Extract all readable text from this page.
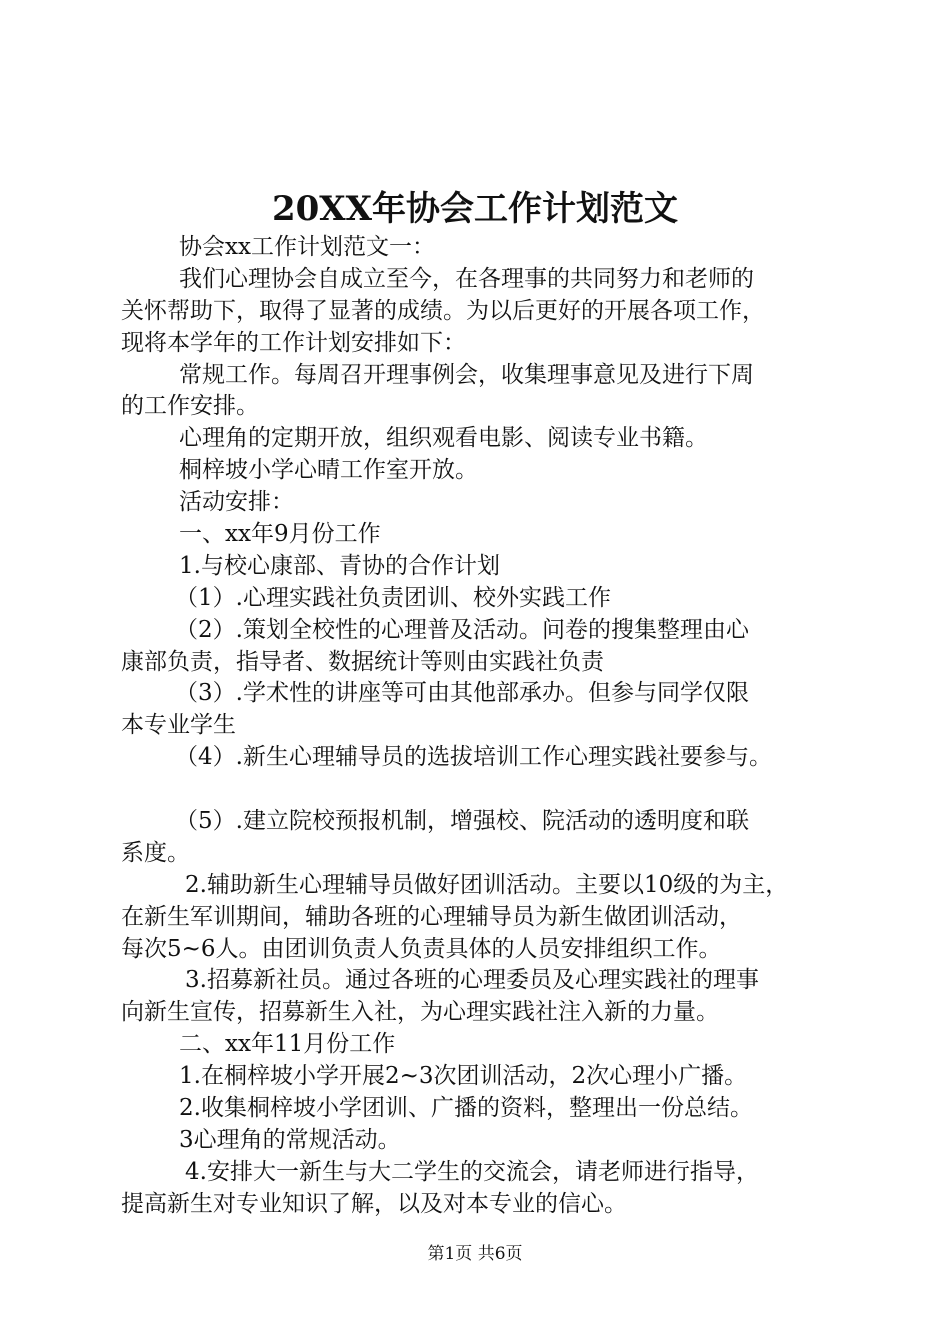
20XX年协会工作计划范文
协会xx工作计划范文一：
我们心理协会自成立至今，在各理事的共同努力和老师的
关怀帮助下，取得了显著的成绩。为以后更好的开展各项工作，
现将本学年的工作计划安排如下：
常规工作。每周召开理事例会，收集理事意见及进行下周
的工作安排。
心理角的定期开放，组织观看电影、阅读专业书籍。
桐梓坡小学心晴工作室开放。
活动安排：
一、xx年9月份工作
1.与校心康部、青协的合作计划
（1）.心理实践社负责团训、校外实践工作
（2）.策划全校性的心理普及活动。问卷的搜集整理由心
康部负责，指导者、数据统计等则由实践社负责
（3）.学术性的讲座等可由其他部承办。但参与同学仅限
本专业学生
（4）.新生心理辅导员的选拔培训工作心理实践社要参与。
（5）.建立院校预报机制，增强校、院活动的透明度和联
系度。
2.辅助新生心理辅导员做好团训活动。主要以10级的为主，
在新生军训期间，辅助各班的心理辅导员为新生做团训活动，
每次5~6人。由团训负责人负责具体的人员安排组织工作。
3.招募新社员。通过各班的心理委员及心理实践社的理事
向新生宣传，招募新生入社，为心理实践社注入新的力量。
二、xx年11月份工作
1.在桐梓坡小学开展2~3次团训活动，2次心理小广播。
2.收集桐梓坡小学团训、广播的资料，整理出一份总结。
3心理角的常规活动。
4.安排大一新生与大二学生的交流会，请老师进行指导，
提高新生对专业知识了解，以及对本专业的信心。
第1页 共6页
